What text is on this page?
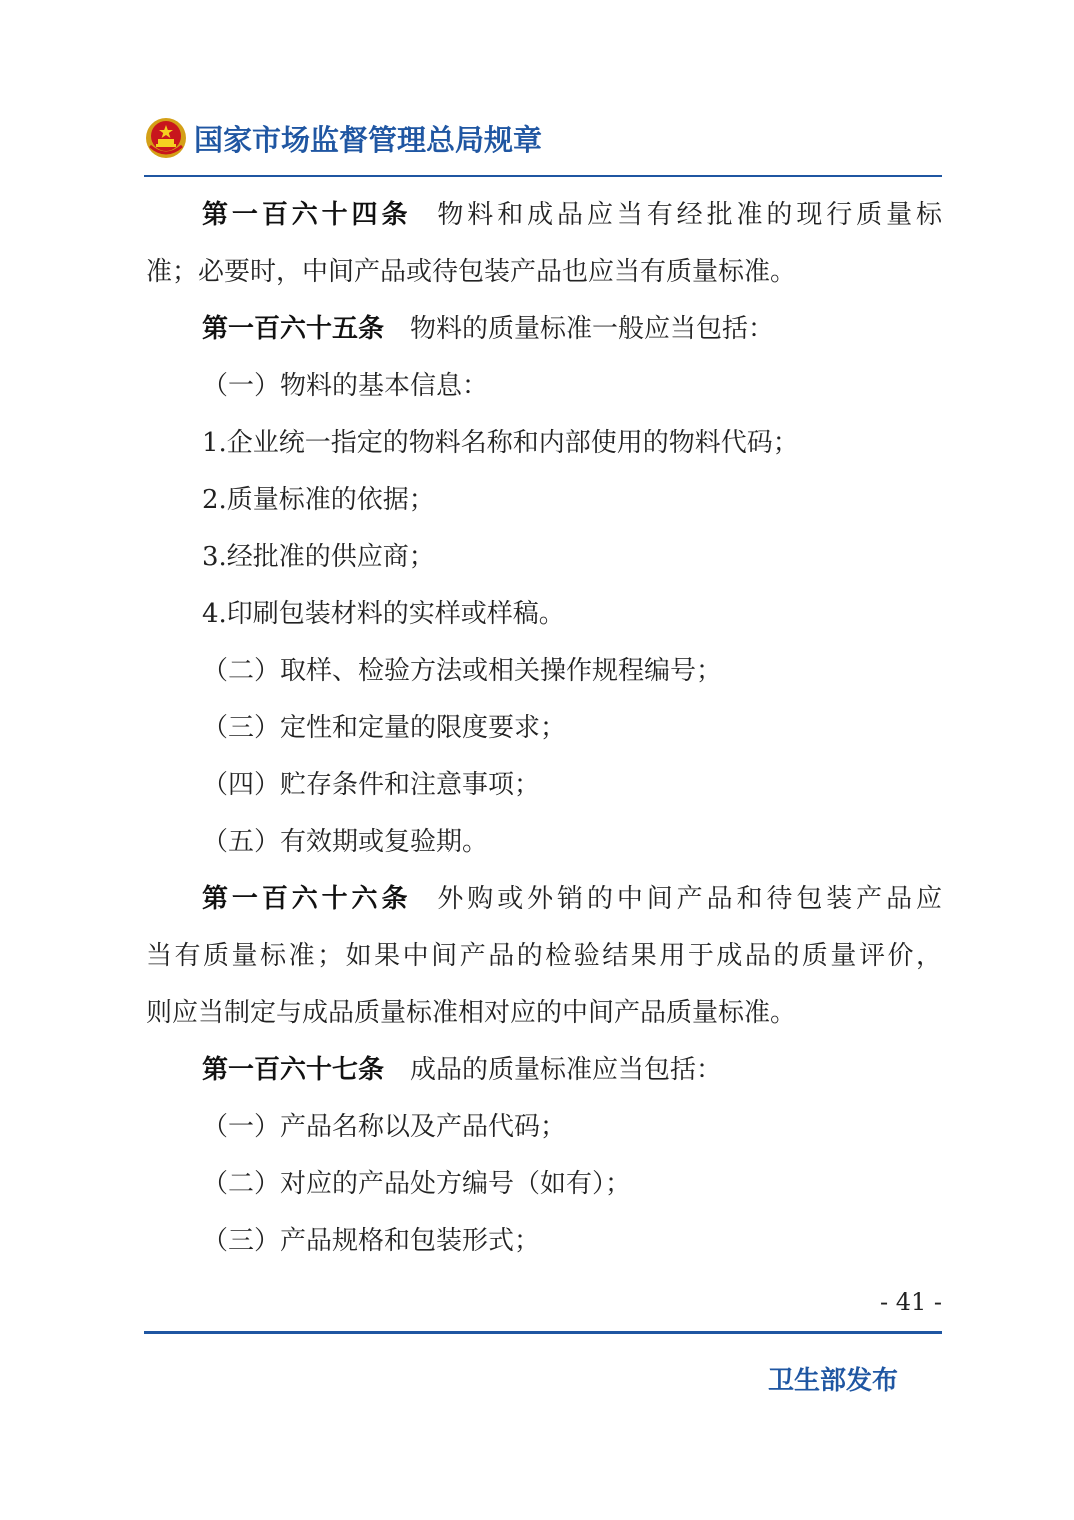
国家市场监督管理总局规章

第一百六十四条 物料和成品应当有经批准的现行质量标

准；必要时，中间产品或待包装产品也应当有质量标准。

第一百六十五条 物料的质量标准一般应当包括：

（一）物料的基本信息：

1.企业统一指定的物料名称和内部使用的物料代码；

2.质量标准的依据；

3.经批准的供应商；

4.印刷包装材料的实样或样稿。

（二）取样、检验方法或相关操作规程编号；

（三）定性和定量的限度要求；

（四）贮存条件和注意事项；

（五）有效期或复验期。

第一百六十六条 外购或外销的中间产品和待包装产品应

当有质量标准；如果中间产品的检验结果用于成品的质量评价，

则应当制定与成品质量标准相对应的中间产品质量标准。

第一百六十七条 成品的质量标准应当包括：

（一）产品名称以及产品代码；

（二）对应的产品处方编号（如有）；

（三）产品规格和包装形式；

- 41 -
卫生部发布
